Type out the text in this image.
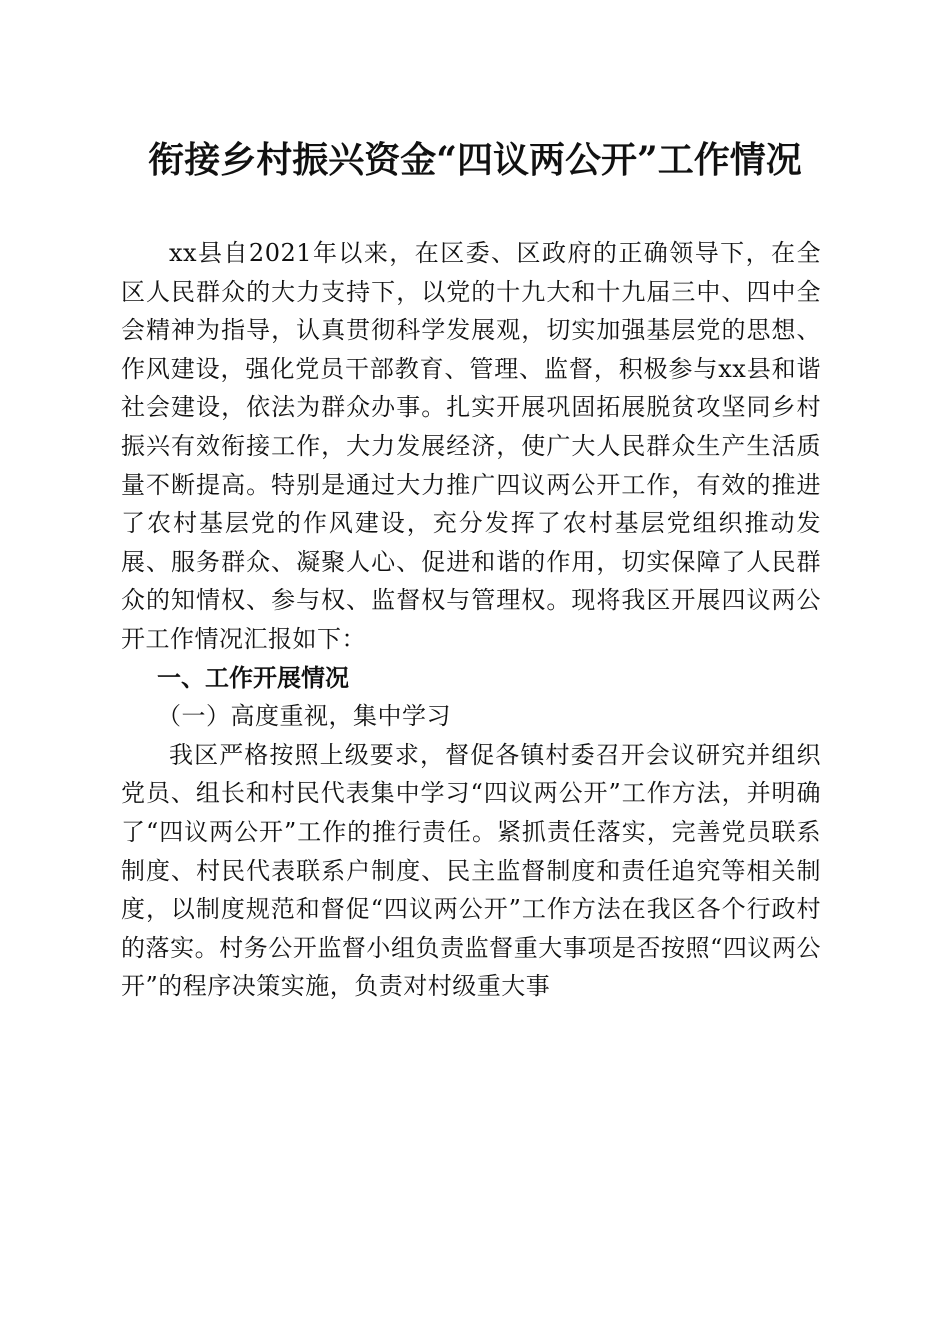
衔接乡村振兴资金“四议两公开”工作情况

xx县自2021年以来，在区委、区政府的正确领导下，在全区人民群众的大力支持下，以党的十九大和十九届三中、四中全会精神为指导，认真贯彻科学发展观，切实加强基层党的思想、作风建设，强化党员干部教育、管理、监督，积极参与xx县和谐社会建设，依法为群众办事。扎实开展巩固拓展脱贫攻坚同乡村振兴有效衔接工作，大力发展经济，使广大人民群众生产生活质量不断提高。特别是通过大力推广四议两公开工作，有效的推进了农村基层党的作风建设，充分发挥了农村基层党组织推动发展、服务群众、凝聚人心、促进和谐的作用，切实保障了人民群众的知情权、参与权、监督权与管理权。现将我区开展四议两公开工作情况汇报如下：

一、工作开展情况

（一）高度重视，集中学习

我区严格按照上级要求，督促各镇村委召开会议研究并组织党员、组长和村民代表集中学习“四议两公开”工作方法，并明确了“四议两公开”工作的推行责任。紧抓责任落实，完善党员联系制度、村民代表联系户制度、民主监督制度和责任追究等相关制度，以制度规范和督促“四议两公开”工作方法在我区各个行政村的落实。村务公开监督小组负责监督重大事项是否按照“四议两公开”的程序决策实施，负责对村级重大事
